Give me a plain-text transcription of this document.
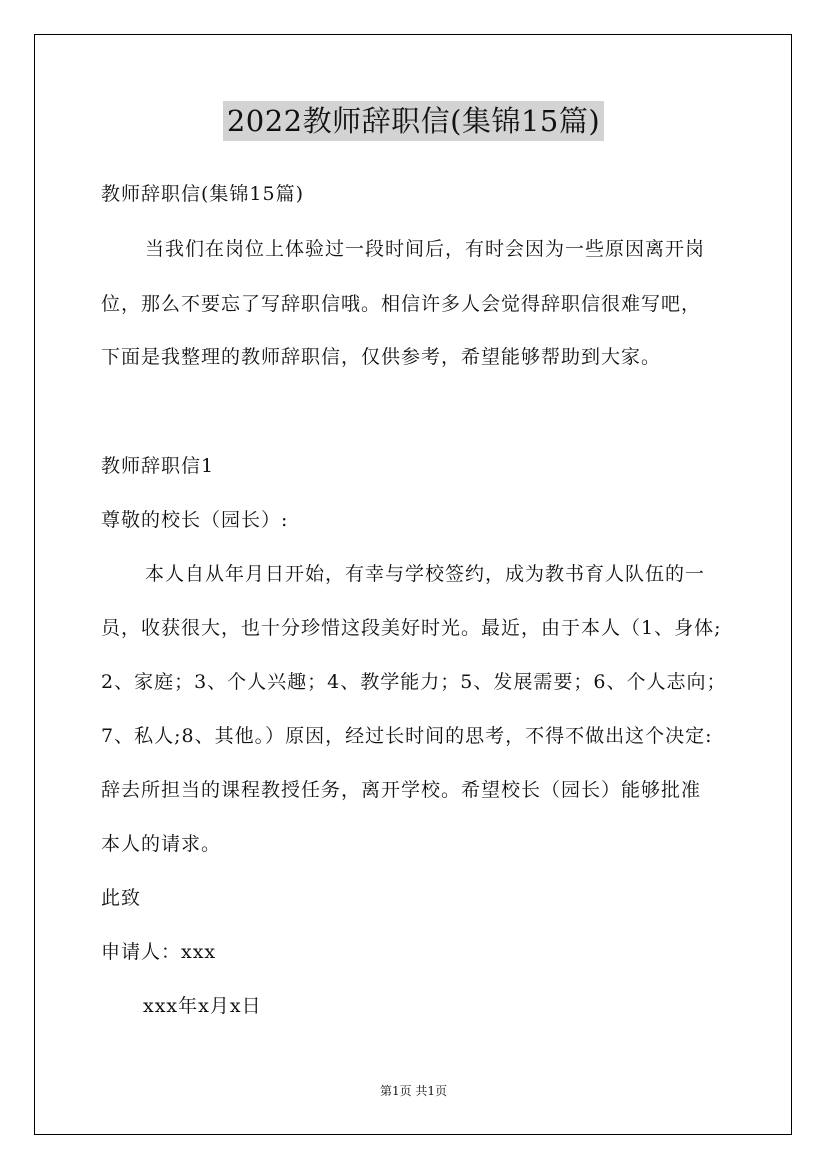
2022教师辞职信(集锦15篇)
教师辞职信(集锦15篇)
当我们在岗位上体验过一段时间后，有时会因为一些原因离开岗
位，那么不要忘了写辞职信哦。相信许多人会觉得辞职信很难写吧，
下面是我整理的教师辞职信，仅供参考，希望能够帮助到大家。
教师辞职信1
尊敬的校长（园长）:
本人自从年月日开始，有幸与学校签约，成为教书育人队伍的一
员，收获很大，也十分珍惜这段美好时光。最近，由于本人（1、身体;
2、家庭；3、个人兴趣；4、教学能力；5、发展需要；6、个人志向；
7、私人;8、其他。）原因，经过长时间的思考，不得不做出这个决定:
辞去所担当的课程教授任务，离开学校。希望校长（园长）能够批准
本人的请求。
此致
申请人：xxx
xxx年x月x日
第1页 共1页
